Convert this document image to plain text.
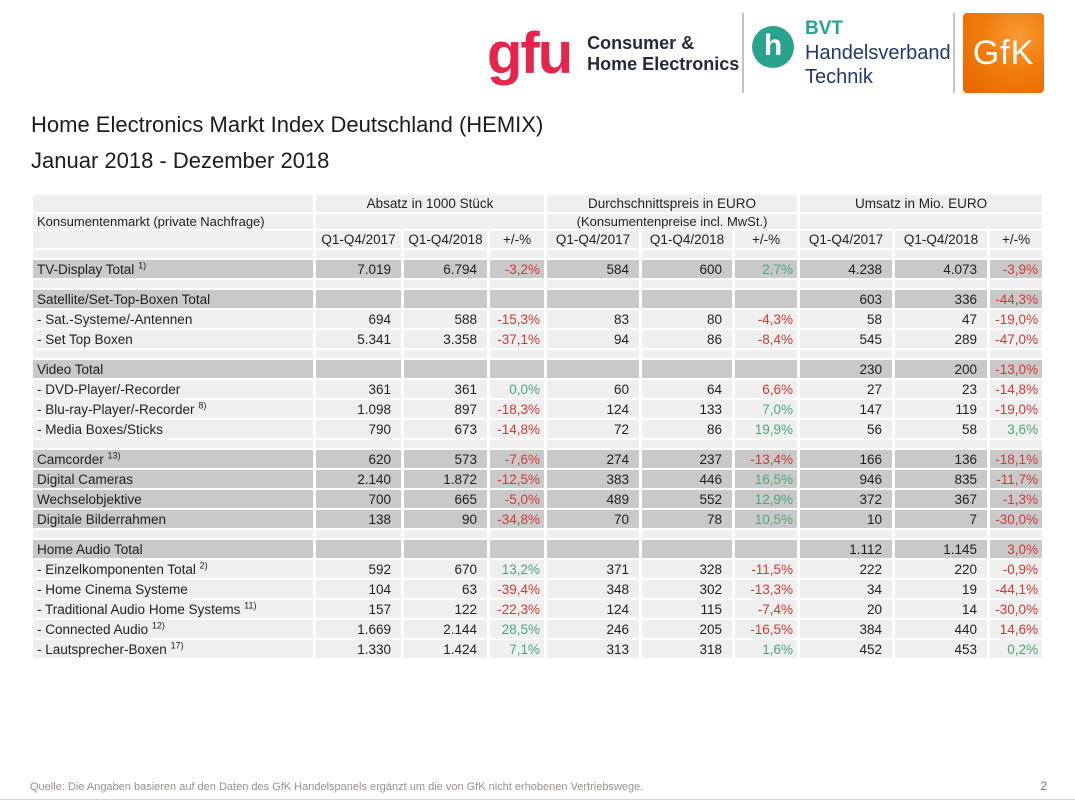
gfu Consumer &
Home Electronics
h
BVT
Handelsverband
Technik
GfK
Home Electronics Markt Index Deutschland (HEMIX)
Januar 2018 - Dezember 2018
	Absatz in 1000 Stück			Durchschnittspreis in EURO			Umsatz in Mio. EURO		
Konsumentenmarkt (private Nachfrage)				(Konsumentenpreise incl. MwSt.)					
	Q1-Q4/2017	Q1-Q4/2018	+/-%	Q1-Q4/2017	Q1-Q4/2018	+/-%	Q1-Q4/2017	Q1-Q4/2018	+/-%

TV-Display Total $^{1)}$	7.019	6.794	-3,2%	584	600	2,7%	4.238	4.073	-3,9%

Satellite/Set-Top-Boxen Total							603	336	-44,3%
- Sat.-Systeme/-Antennen	694	588	-15,3%	83	80	-4,3%	58	47	-19,0%
- Set Top Boxen	5.341	3.358	-37,1%	94	86	-8,4%	545	289	-47,0%

Video Total							230	200	-13,0%
- DVD-Player/-Recorder	361	361	0,0%	60	64	6,6%	27	23	-14,8%
- Blu-ray-Player/-Recorder $^{8)}$	1.098	897	-18,3%	124	133	7,0%	147	119	-19,0%
- Media Boxes/Sticks	790	673	-14,8%	72	86	19,9%	56	58	3,6%

Camcorder $^{13)}$	620	573	-7,6%	274	237	-13,4%	166	136	-18,1%
Digital Cameras	2.140	1.872	-12,5%	383	446	16,5%	946	835	-11,7%
Wechselobjektive	700	665	-5,0%	489	552	12,9%	372	367	-1,3%
Digitale Bilderrahmen	138	90	-34,8%	70	78	10,5%	10	7	-30,0%

Home Audio Total							1.112	1.145	3,0%
- Einzelkomponenten Total $^{2)}$	592	670	13,2%	371	328	-11,5%	222	220	-0,9%
- Home Cinema Systeme	104	63	-39,4%	348	302	-13,3%	34	19	-44,1%
- Traditional Audio Home Systems $^{11)}$	157	122	-22,3%	124	115	-7,4%	20	14	-30,0%
- Connected Audio $^{12)}$	1.669	2.144	28,5%	246	205	-16,5%	384	440	14,6%
- Lautsprecher-Boxen $^{17)}$	1.330	1.424	7,1%	313	318	1,6%	452	453	0,2%
Quelle: Die Angaben basieren auf den Daten des GfK Handelspanels ergänzt um die von GfK nicht erhobenen Vertriebswege.	2
